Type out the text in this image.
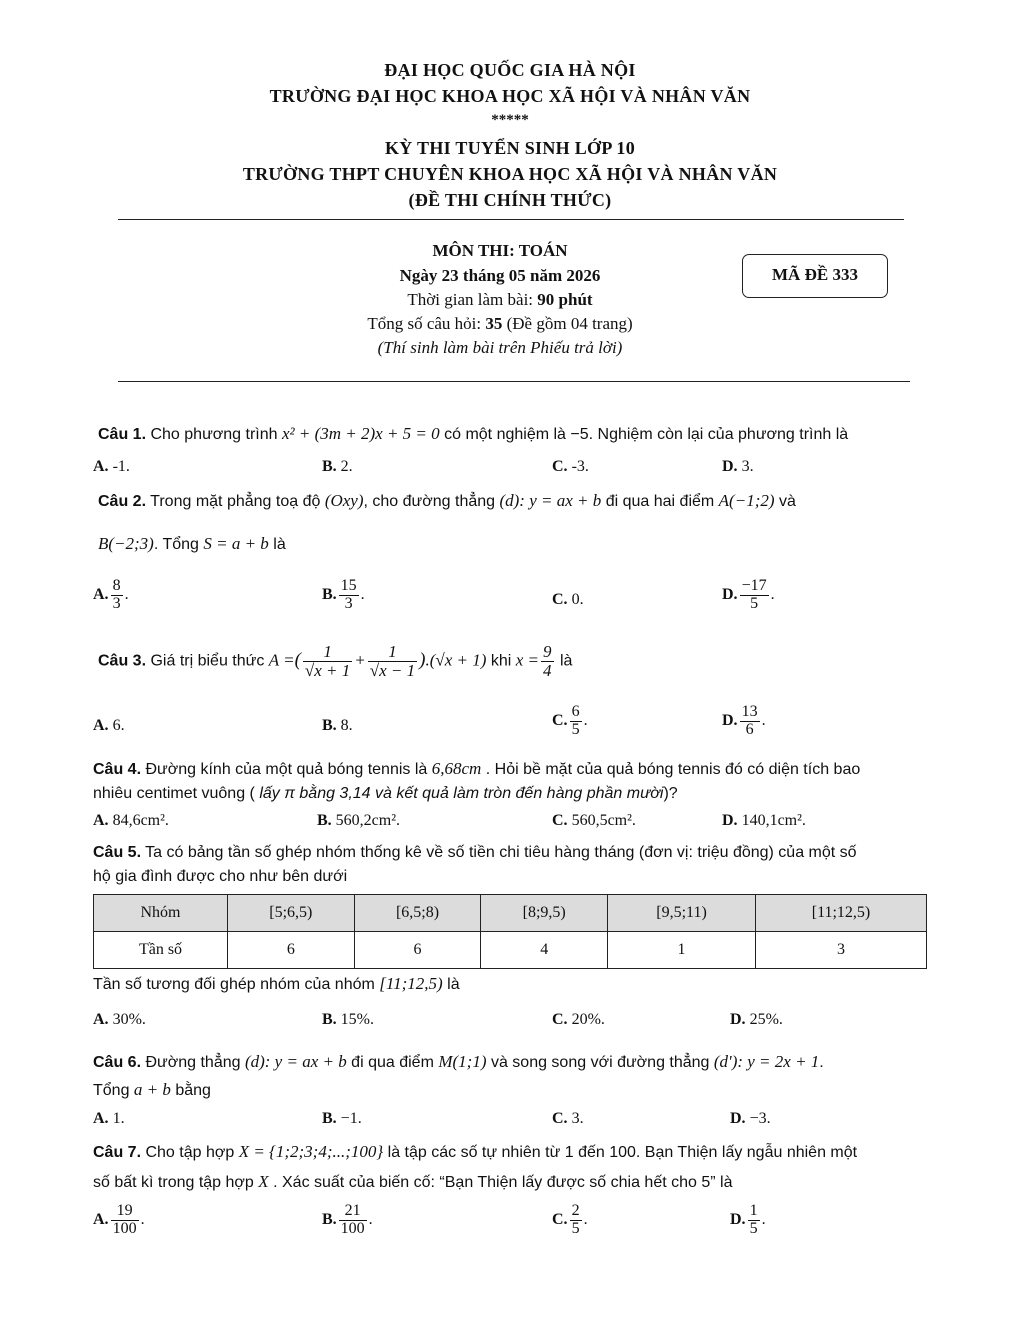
ĐẠI HỌC QUỐC GIA HÀ NỘI
TRƯỜNG ĐẠI HỌC KHOA HỌC XÃ HỘI VÀ NHÂN VĂN
*****
KỲ THI TUYỂN SINH LỚP 10
TRƯỜNG THPT CHUYÊN KHOA HỌC XÃ HỘI VÀ NHÂN VĂN
(ĐỀ THI CHÍNH THỨC)
MÔN THI: TOÁN
Ngày 23 tháng 05 năm 2026
Thời gian làm bài: 90 phút
Tổng số câu hỏi: 35 (Đề gồm 04 trang)
(Thí sinh làm bài trên Phiếu trả lời)
MÃ ĐỀ 333
Câu 1. Cho phương trình x² + (3m + 2)x + 5 = 0 có một nghiệm là −5. Nghiệm còn lại của phương trình là
A. -1.	B. 2.	C. -3.	D. 3.
Câu 2. Trong mặt phẳng toạ độ (Oxy), cho đường thẳng (d): y = ax + b đi qua hai điểm A(−1;2) và
B(−2;3). Tổng S = a + b là
A. $\frac{8}{3}$ .	B. $\frac{15}{3}$ .	C. 0.	D. $\frac{-17}{5}$ .
Câu 3. Giá trị biểu thức A =( $\frac{1}{√x + 1} + \frac{1}{√x - 1} ).(√x + 1)$ khi $x = \frac{9}{4}$ là
A. 6.	B. 8.	C. $\frac{6}{5}$ .	D. $\frac{13}{6}$ .
Câu 4. Đường kính của một quả bóng tennis là 6,68cm . Hỏi bề mặt của quả bóng tennis đó có diện tích bao
nhiêu centimet vuông ( lấy π bằng 3,14 và kết quả làm tròn đến hàng phần mười)?
A. 84,6cm².	B. 560,2cm².	C. 560,5cm².	D. 140,1cm².
Câu 5. Ta có bảng tần số ghép nhóm thống kê về số tiền chi tiêu hàng tháng (đơn vị: triệu đồng) của một số
hộ gia đình được cho như bên dưới
Nhóm	[5;6,5)	[6,5;8)	[8;9,5)	[9,5;11)	[11;12,5)
Tần số	6	6	4	1	3
Tần số tương đối ghép nhóm của nhóm [11;12,5) là
A. 30%.	B. 15%.	C. 20%.	D. 25%.
Câu 6. Đường thẳng (d): y = ax + b đi qua điểm M(1;1) và song song với đường thẳng (d'): y = 2x + 1.
Tổng a + b bằng
A. 1.	B. −1.	C. 3.	D. −3.
Câu 7. Cho tập hợp X = {1;2;3;4;...;100} là tập các số tự nhiên từ 1 đến 100. Bạn Thiện lấy ngẫu nhiên một
số bất kì trong tập hợp X . Xác suất của biến cố: “Bạn Thiện lấy được số chia hết cho 5” là
A. $\frac{19}{100}$ .	B. $\frac{21}{100}$ .	C. $\frac{2}{5}$ .	D. $\frac{1}{5}$ .
